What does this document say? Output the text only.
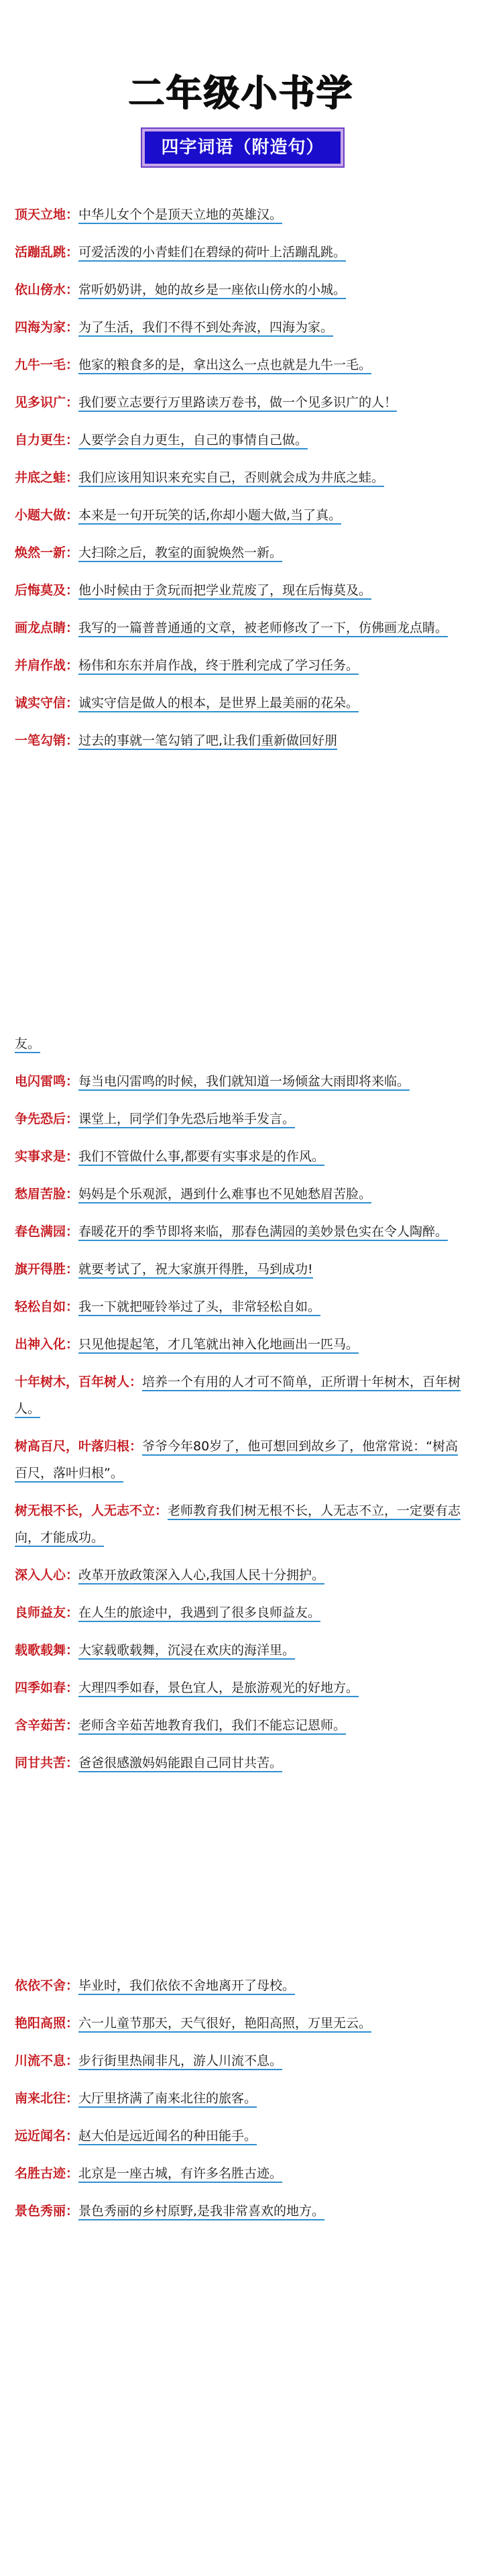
二年级小书学
四字词语（附造句）
顶天立地：中华儿女个个是顶天立地的英雄汉。
活蹦乱跳：可爱活泼的小青蛙们在碧绿的荷叶上活蹦乱跳。
依山傍水：常听奶奶讲，她的故乡是一座依山傍水的小城。
四海为家：为了生活，我们不得不到处奔波，四海为家。
九牛一毛：他家的粮食多的是，拿出这么一点也就是九牛一毛。
见多识广：我们要立志要行万里路读万卷书，做一个见多识广的人！
自力更生：人要学会自力更生，自己的事情自己做。
井底之蛙：我们应该用知识来充实自己，否则就会成为井底之蛙。
小题大做：本来是一句开玩笑的话,你却小题大做,当了真。
焕然一新：大扫除之后，教室的面貌焕然一新。
后悔莫及：他小时候由于贪玩而把学业荒废了，现在后悔莫及。
画龙点睛：我写的一篇普普通通的文章，被老师修改了一下，仿佛画龙点睛。
并肩作战：杨伟和东东并肩作战，终于胜利完成了学习任务。
诚实守信：诚实守信是做人的根本，是世界上最美丽的花朵。
一笔勾销：过去的事就一笔勾销了吧,让我们重新做回好朋
友。
电闪雷鸣：每当电闪雷鸣的时候，我们就知道一场倾盆大雨即将来临。
争先恐后：课堂上，同学们争先恐后地举手发言。
实事求是：我们不管做什么事,都要有实事求是的作风。
愁眉苦脸：妈妈是个乐观派，遇到什么难事也不见她愁眉苦脸。
春色满园：春暖花开的季节即将来临，那春色满园的美妙景色实在令人陶醉。
旗开得胜：就要考试了，祝大家旗开得胜，马到成功!
轻松自如：我一下就把哑铃举过了头，非常轻松自如。
出神入化：只见他提起笔，才几笔就出神入化地画出一匹马。
十年树木，百年树人：培养一个有用的人才可不简单，正所谓十年树木，百年树人。
树高百尺，叶落归根：爷爷今年80岁了，他可想回到故乡了，他常常说：“树高百尺，落叶归根”。
树无根不长，人无志不立：老师教育我们树无根不长，人无志不立，一定要有志向，才能成功。
深入人心：改革开放政策深入人心,我国人民十分拥护。
良师益友：在人生的旅途中，我遇到了很多良师益友。
载歌载舞：大家载歌载舞，沉浸在欢庆的海洋里。
四季如春：大理四季如春，景色宜人，是旅游观光的好地方。
含辛茹苦：老师含辛茹苦地教育我们，我们不能忘记恩师。
同甘共苦：爸爸很感激妈妈能跟自己同甘共苦。
依依不舍：毕业时，我们依依不舍地离开了母校。
艳阳高照：六一儿童节那天，天气很好，艳阳高照，万里无云。
川流不息：步行街里热闹非凡，游人川流不息。
南来北往：大厅里挤满了南来北往的旅客。
远近闻名：赵大伯是远近闻名的种田能手。
名胜古迹：北京是一座古城，有许多名胜古迹。
景色秀丽：景色秀丽的乡村原野,是我非常喜欢的地方。
